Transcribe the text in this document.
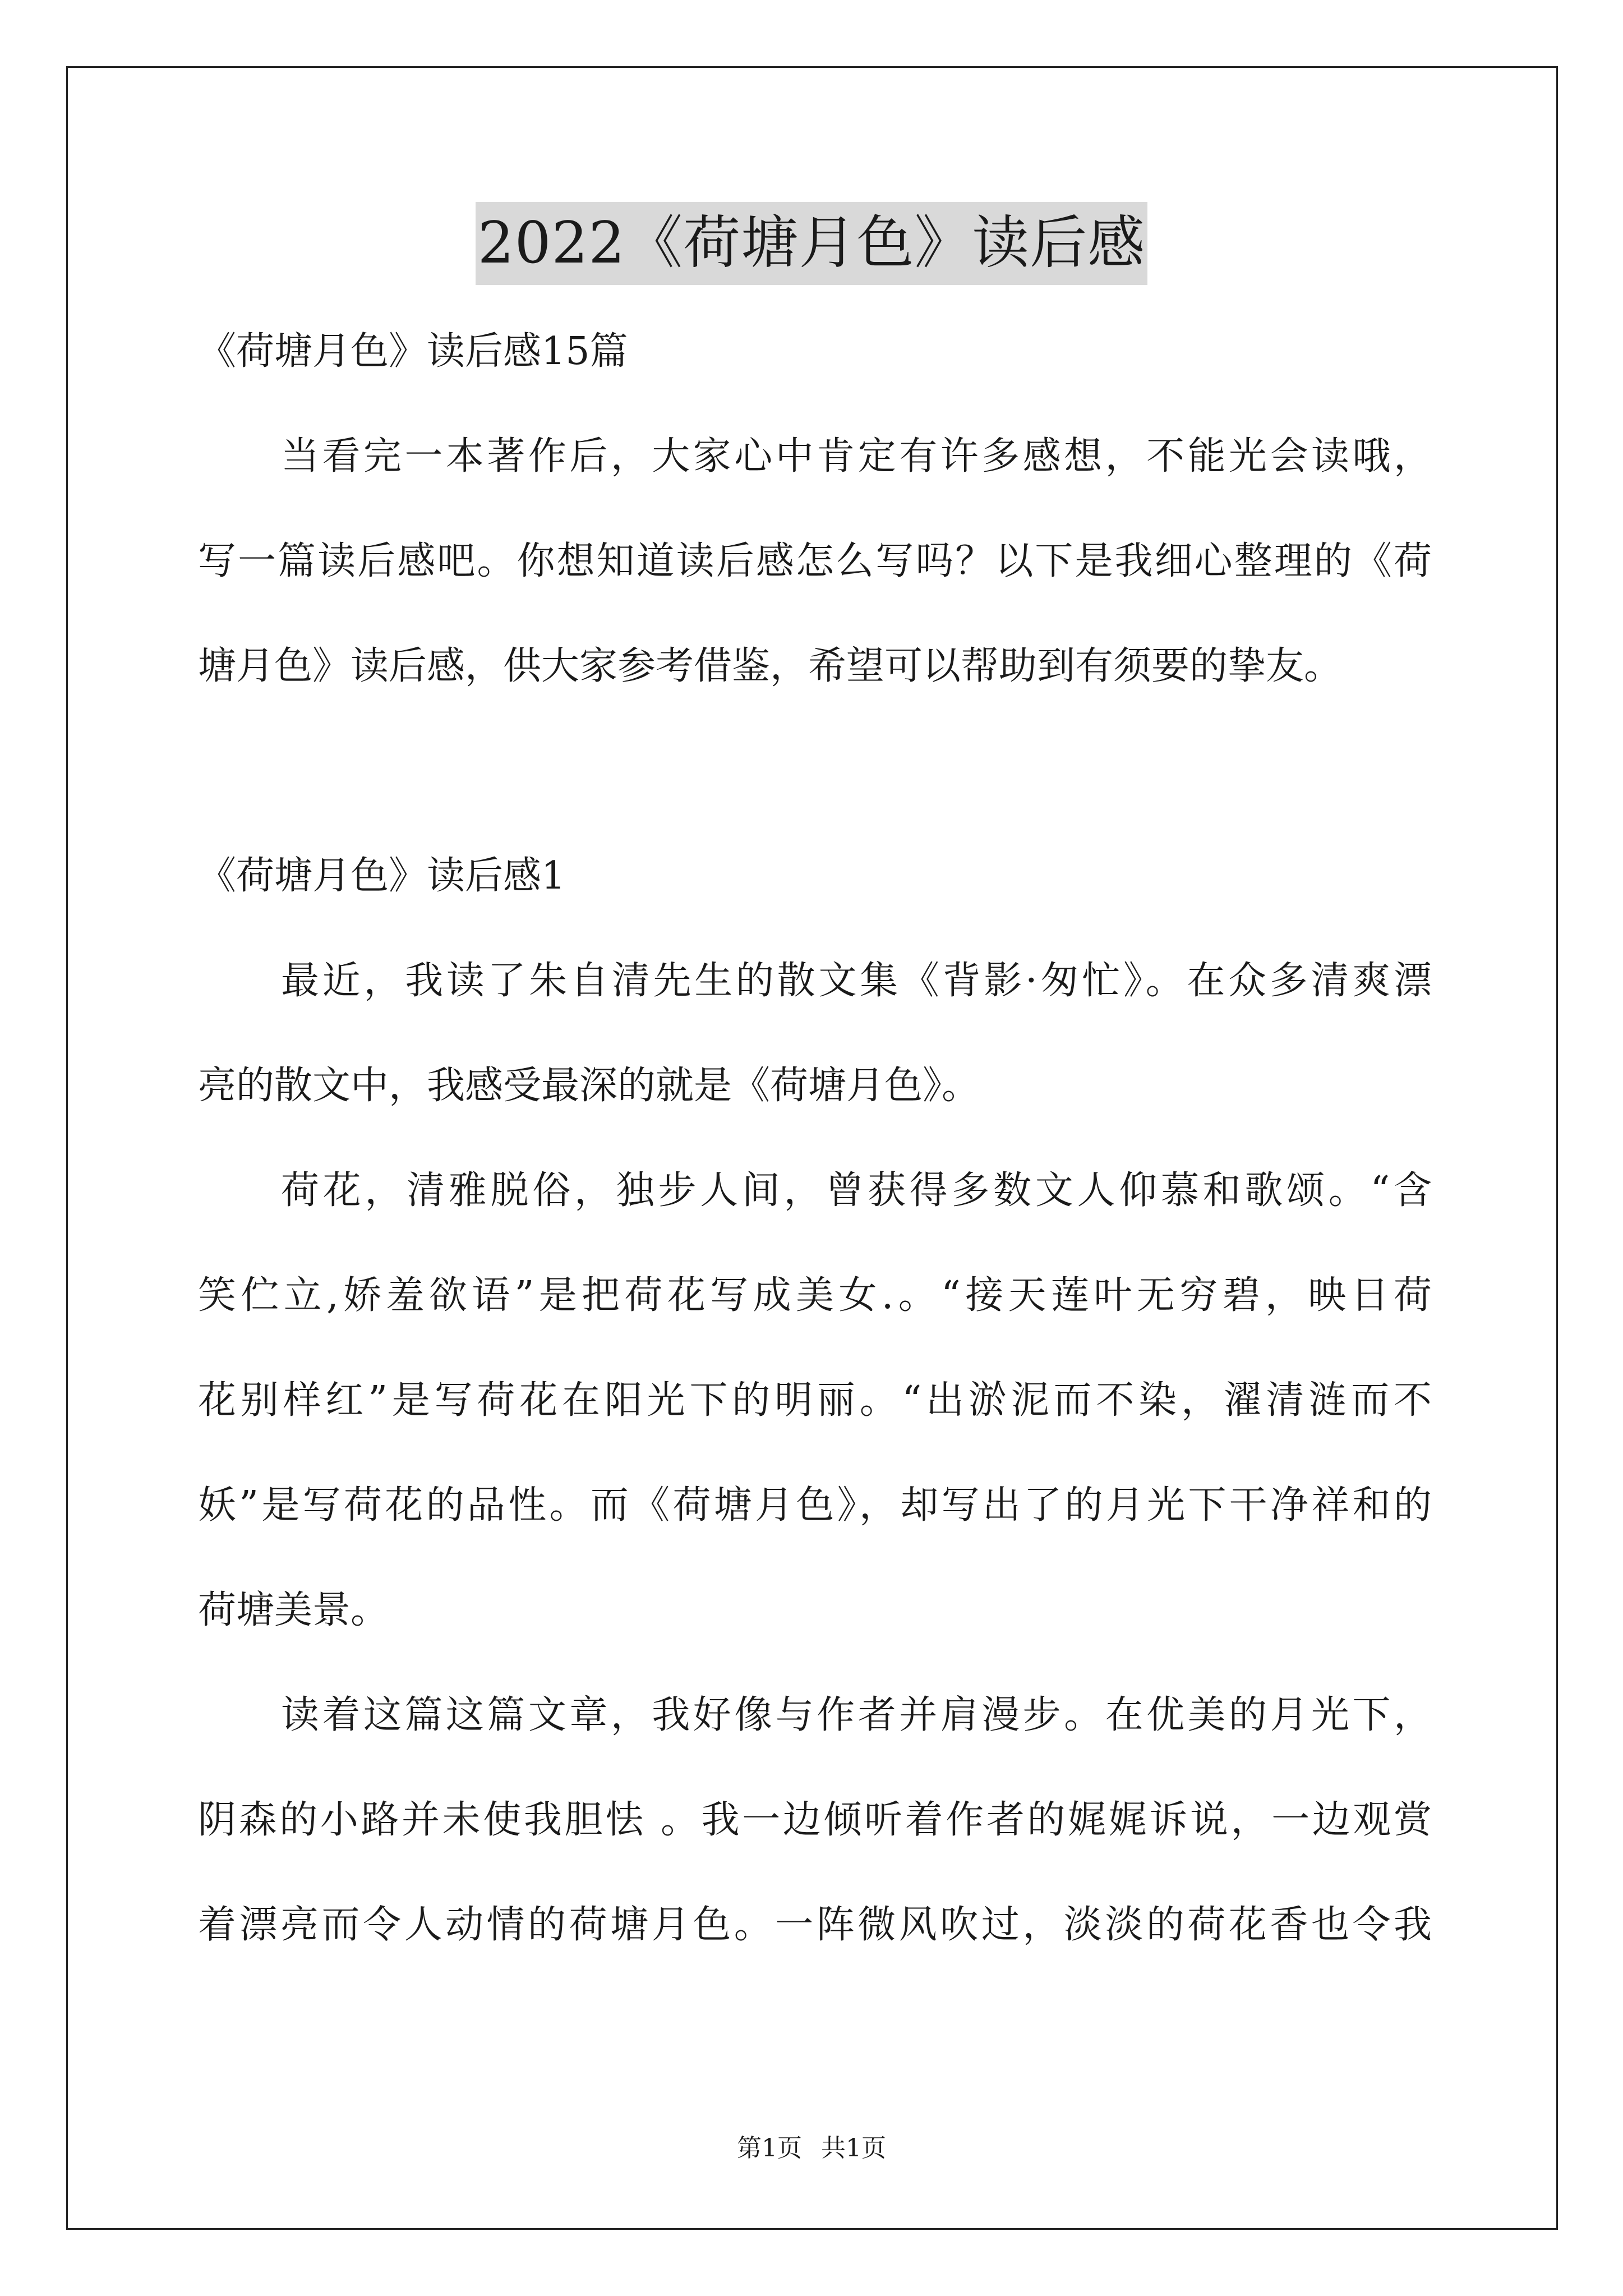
2022《荷塘月色》读后感
《荷塘月色》读后感15篇
当看完一本著作后，大家心中肯定有许多感想，不能光会读哦，
写一篇读后感吧。你想知道读后感怎么写吗？以下是我细心整理的《荷
塘月色》读后感，供大家参考借鉴，希望可以帮助到有须要的挚友。
《荷塘月色》读后感1
最近，我读了朱自清先生的散文集《背影·匆忙》。在众多清爽漂
亮的散文中，我感受最深的就是《荷塘月色》。
荷花，清雅脱俗，独步人间，曾获得多数文人仰慕和歌颂。“含
笑伫立,娇羞欲语”是把荷花写成美女.。“接天莲叶无穷碧，映日荷
花别样红”是写荷花在阳光下的明丽。“出淤泥而不染，濯清涟而不
妖”是写荷花的品性。而《荷塘月色》，却写出了的月光下干净祥和的
荷塘美景。
读着这篇这篇文章，我好像与作者并肩漫步。在优美的月光下，
阴森的小路并未使我胆怯 。我一边倾听着作者的娓娓诉说，一边观赏
着漂亮而令人动情的荷塘月色。一阵微风吹过，淡淡的荷花香也令我
第1页 共1页
